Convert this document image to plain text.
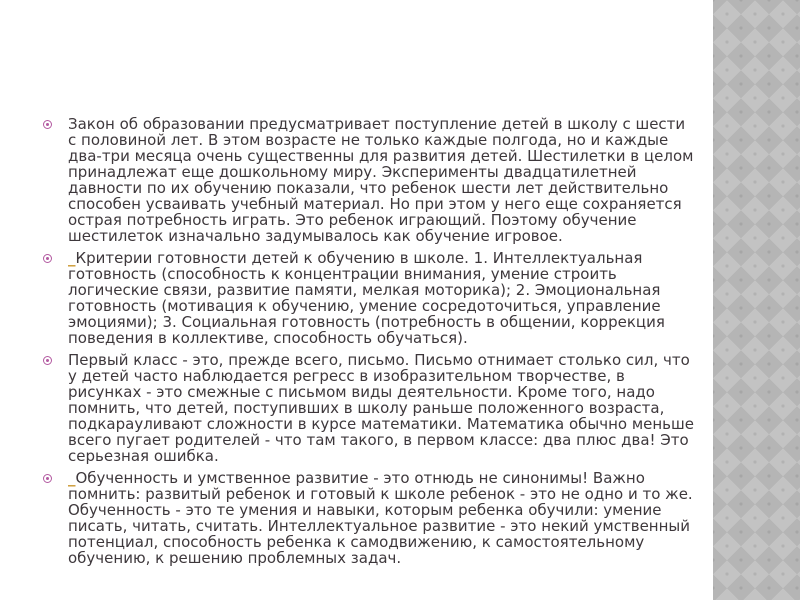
Закон об образовании предусматривает поступление детей в школу с шести с половиной лет. В этом возрасте не только каждые полгода, но и каждые два-три месяца очень существенны для развития детей. Шестилетки в целом принадлежат еще дошкольному миру. Эксперименты двадцатилетней давности по их обучению показали, что ребенок шести лет действительно способен усваивать учебный материал. Но при этом у него еще сохраняется острая потребность играть. Это ребенок играющий. Поэтому обучение шестилеток изначально задумывалось как обучение игровое.
_Критерии готовности детей к обучению в школе. 1. Интеллектуальная готовность (способность к концентрации внимания, умение строить логические связи, развитие памяти, мелкая моторика); 2. Эмоциональная готовность (мотивация к обучению, умение сосредоточиться, управление эмоциями); 3. Социальная готовность (потребность в общении, коррекция поведения в коллективе, способность обучаться).
Первый класс - это, прежде всего, письмо. Письмо отнимает столько сил, что у детей часто наблюдается регресс в изобразительном творчестве, в рисунках - это смежные с письмом виды деятельности. Кроме того, надо помнить, что детей, поступивших в школу раньше положенного возраста, подкарауливают сложности в курсе математики. Математика обычно меньше всего пугает родителей - что там такого, в первом классе: два плюс два! Это серьезная ошибка.
_Обученность и умственное развитие - это отнюдь не синонимы! Важно помнить: развитый ребенок и готовый к школе ребенок - это не одно и то же. Обученность - это те умения и навыки, которым ребенка обучили: умение писать, читать, считать. Интеллектуальное развитие - это некий умственный потенциал, способность ребенка к самодвижению, к самостоятельному обучению, к решению проблемных задач.
